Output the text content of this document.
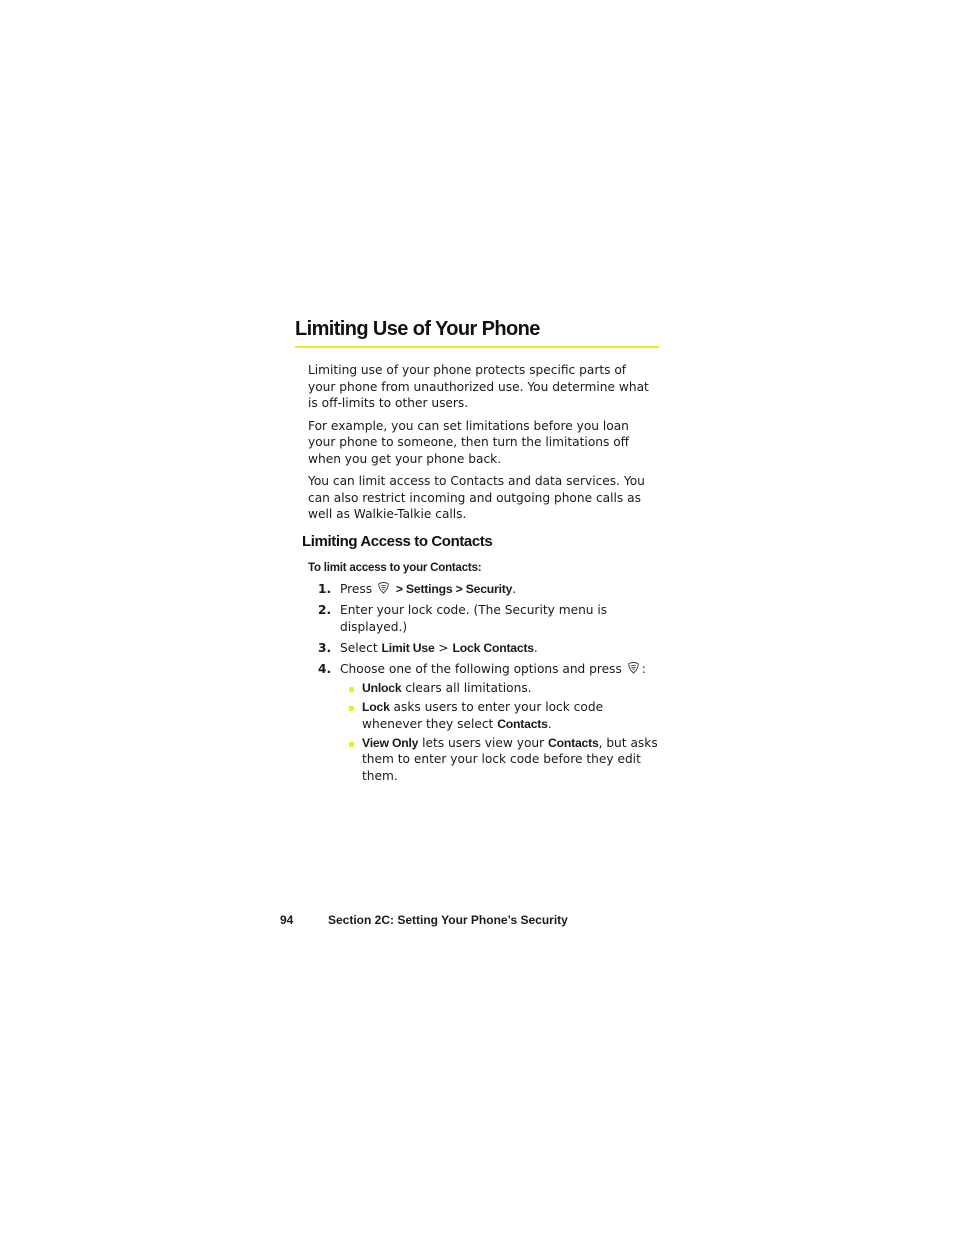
Limiting Use of Your Phone

Limiting use of your phone protects specific parts of your phone from unauthorized use. You determine what is off-limits to other users.

For example, you can set limitations before you loan your phone to someone, then turn the limitations off when you get your phone back.

You can limit access to Contacts and data services. You can also restrict incoming and outgoing phone calls as well as Walkie-Talkie calls.

Limiting Access to Contacts

To limit access to your Contacts:

1. Press > Settings > Security.
2. Enter your lock code. (The Security menu is displayed.)
3. Select Limit Use > Lock Contacts.
4. Choose one of the following options and press :
Unlock clears all limitations.
Lock asks users to enter your lock code whenever they select Contacts.
View Only lets users view your Contacts, but asks them to enter your lock code before they edit them.
94	Section 2C: Setting Your Phone’s Security
